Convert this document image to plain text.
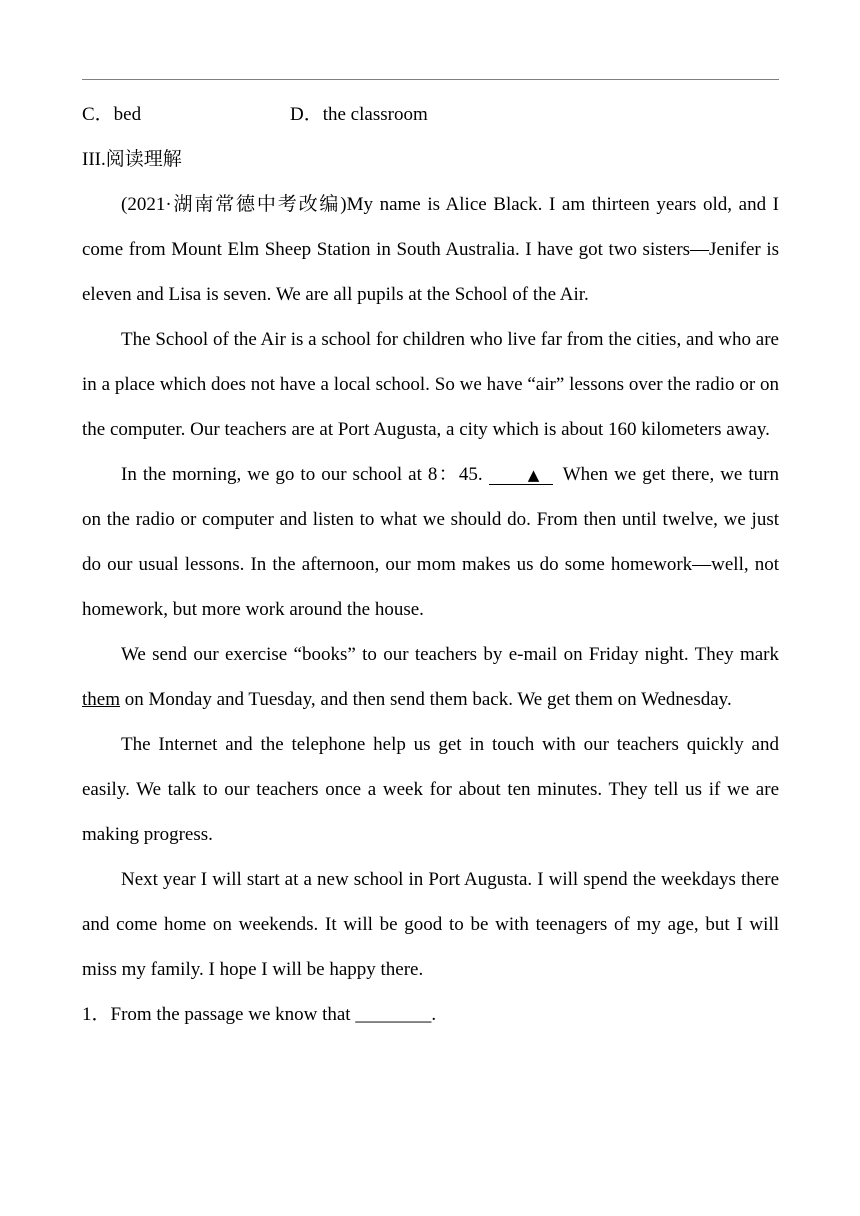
C．bed	D．the classroom
III.阅读理解

(2021·湖南常德中考改编)My name is Alice Black. I am thirteen years old, and I come from Mount Elm Sheep Station in South Australia. I have got two sisters—Jenifer is eleven and Lisa is seven. We are all pupils at the School of the Air.

The School of the Air is a school for children who live far from the cities, and who are in a place which does not have a local school. So we have “air” lessons over the radio or on the computer. Our teachers are at Port Augusta, a city which is about 160 kilometers away.

In the morning, we go to our school at 8：45.	▲ When we get there, we turn on the radio or computer and listen to what we should do. From then until twelve, we just do our usual lessons. In the afternoon, our mom makes us do some homework—well, not homework, but more work around the house.

We send our exercise “books” to our teachers by e-mail on Friday night. They mark them on Monday and Tuesday, and then send them back. We get them on Wednesday.

The Internet and the telephone help us get in touch with our teachers quickly and easily. We talk to our teachers once a week for about ten minutes. They tell us if we are making progress.

Next year I will start at a new school in Port Augusta. I will spend the weekdays there and come home on weekends. It will be good to be with teenagers of my age, but I will miss my family. I hope I will be happy there.

1．From the passage we know that ________.
